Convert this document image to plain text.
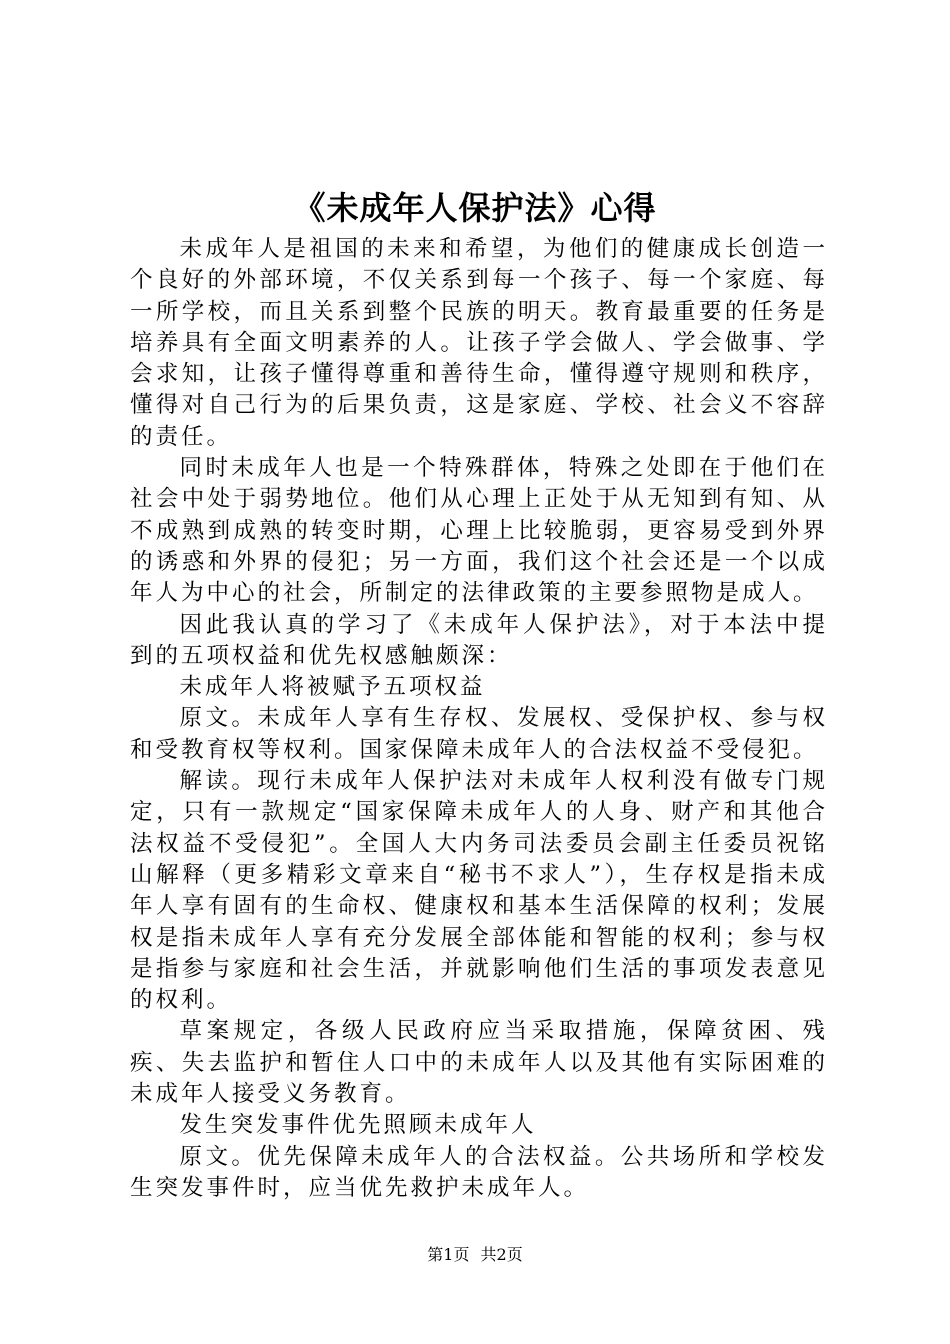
《未成年人保护法》心得

未成年人是祖国的未来和希望，为他们的健康成长创造一个良好的外部环境，不仅关系到每一个孩子、每一个家庭、每一所学校，而且关系到整个民族的明天。教育最重要的任务是培养具有全面文明素养的人。让孩子学会做人、学会做事、学会求知，让孩子懂得尊重和善待生命，懂得遵守规则和秩序，懂得对自己行为的后果负责，这是家庭、学校、社会义不容辞的责任。

同时未成年人也是一个特殊群体，特殊之处即在于他们在社会中处于弱势地位。他们从心理上正处于从无知到有知、从不成熟到成熟的转变时期，心理上比较脆弱，更容易受到外界的诱惑和外界的侵犯；另一方面，我们这个社会还是一个以成年人为中心的社会，所制定的法律政策的主要参照物是成人。

因此我认真的学习了《未成年人保护法》，对于本法中提到的五项权益和优先权感触颇深：

未成年人将被赋予五项权益

原文。未成年人享有生存权、发展权、受保护权、参与权和受教育权等权利。国家保障未成年人的合法权益不受侵犯。

解读。现行未成年人保护法对未成年人权利没有做专门规定，只有一款规定“国家保障未成年人的人身、财产和其他合法权益不受侵犯”。全国人大内务司法委员会副主任委员祝铭山解释（更多精彩文章来自“秘书不求人”），生存权是指未成年人享有固有的生命权、健康权和基本生活保障的权利；发展权是指未成年人享有充分发展全部体能和智能的权利；参与权是指参与家庭和社会生活，并就影响他们生活的事项发表意见的权利。

草案规定，各级人民政府应当采取措施，保障贫困、残疾、失去监护和暂住人口中的未成年人以及其他有实际困难的未成年人接受义务教育。

发生突发事件优先照顾未成年人

原文。优先保障未成年人的合法权益。公共场所和学校发生突发事件时，应当优先救护未成年人。

第1页 共2页
